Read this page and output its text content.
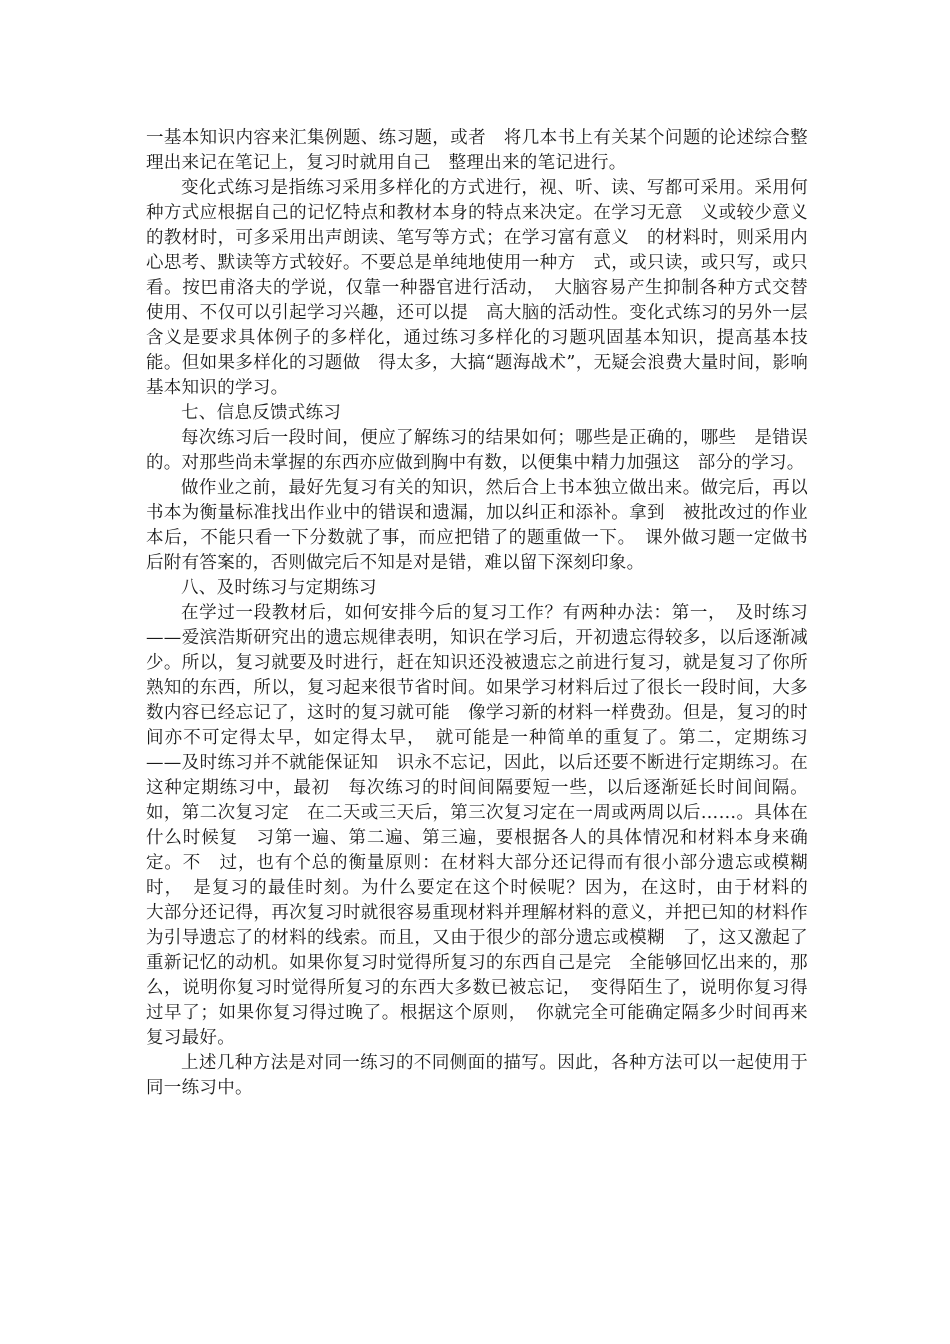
一基本知识内容来汇集例题、练习题，或者　将几本书上有关某个问题的论述综合整理出来记在笔记上，复习时就用自己　整理出来的笔记进行。

变化式练习是指练习采用多样化的方式进行，视、听、读、写都可采用。采用何种方式应根据自己的记忆特点和教材本身的特点来决定。在学习无意　义或较少意义的教材时，可多采用出声朗读、笔写等方式；在学习富有意义　的材料时，则采用内心思考、默读等方式较好。不要总是单纯地使用一种方　式，或只读，或只写，或只看。按巴甫洛夫的学说，仅靠一种器官进行活动，　大脑容易产生抑制各种方式交替使用、不仅可以引起学习兴趣，还可以提　高大脑的活动性。变化式练习的另外一层含义是要求具体例子的多样化，通过练习多样化的习题巩固基本知识，提高基本技能。但如果多样化的习题做　得太多，大搞“题海战术”，无疑会浪费大量时间，影响基本知识的学习。

七、信息反馈式练习

每次练习后一段时间，便应了解练习的结果如何；哪些是正确的，哪些　是错误的。对那些尚未掌握的东西亦应做到胸中有数，以便集中精力加强这　部分的学习。

做作业之前，最好先复习有关的知识，然后合上书本独立做出来。做完后，再以书本为衡量标准找出作业中的错误和遗漏，加以纠正和添补。拿到　被批改过的作业本后，不能只看一下分数就了事，而应把错了的题重做一下。　课外做习题一定做书后附有答案的，否则做完后不知是对是错，难以留下深刻印象。

八、及时练习与定期练习

在学过一段教材后，如何安排今后的复习工作？有两种办法：第一，　及时练习——爱滨浩斯研究出的遗忘规律表明，知识在学习后，开初遗忘得较多，以后逐渐减少。所以，复习就要及时进行，赶在知识还没被遗忘之前进行复习，就是复习了你所熟知的东西，所以，复习起来很节省时间。如果学习材料后过了很长一段时间，大多数内容已经忘记了，这时的复习就可能　像学习新的材料一样费劲。但是，复习的时间亦不可定得太早，如定得太早，　就可能是一种简单的重复了。第二，定期练习——及时练习并不就能保证知　识永不忘记，因此，以后还要不断进行定期练习。在这种定期练习中，最初　每次练习的时间间隔要短一些，以后逐渐延长时间间隔。如，第二次复习定　在二天或三天后，第三次复习定在一周或两周以后……。具体在什么时候复　习第一遍、第二遍、第三遍，要根据各人的具体情况和材料本身来确定。不　过，也有个总的衡量原则：在材料大部分还记得而有很小部分遗忘或模糊时，　是复习的最佳时刻。为什么要定在这个时候呢？因为，在这时，由于材料的　大部分还记得，再次复习时就很容易重现材料并理解材料的意义，并把已知的材料作为引导遗忘了的材料的线索。而且，又由于很少的部分遗忘或模糊　了，这又激起了重新记忆的动机。如果你复习时觉得所复习的东西自己是完　全能够回忆出来的，那么，说明你复习时觉得所复习的东西大多数已被忘记，　变得陌生了，说明你复习得过早了；如果你复习得过晚了。根据这个原则，　你就完全可能确定隔多少时间再来复习最好。

上述几种方法是对同一练习的不同侧面的描写。因此，各种方法可以一起使用于同一练习中。
